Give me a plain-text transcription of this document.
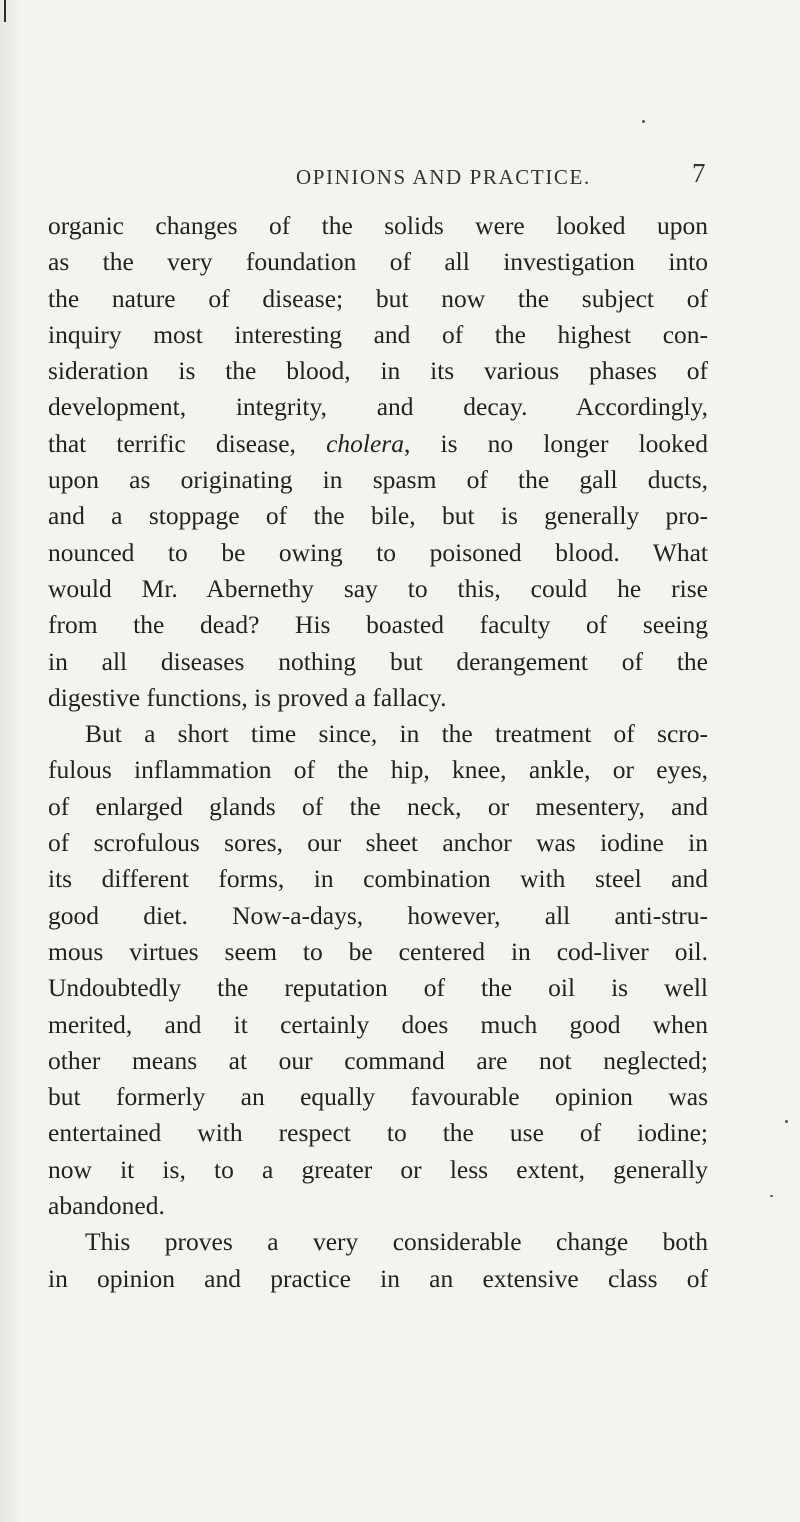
OPINIONS AND PRACTICE.	7
organic changes of the solids were looked upon
as the very foundation of all investigation into
the nature of disease; but now the subject of
inquiry most interesting and of the highest con-
sideration is the blood, in its various phases of
development, integrity, and decay. Accordingly,
that terrific disease, cholera, is no longer looked
upon as originating in spasm of the gall ducts,
and a stoppage of the bile, but is generally pro-
nounced to be owing to poisoned blood. What
would Mr. Abernethy say to this, could he rise
from the dead? His boasted faculty of seeing
in all diseases nothing but derangement of the
digestive functions, is proved a fallacy.
But a short time since, in the treatment of scro-
fulous inflammation of the hip, knee, ankle, or eyes,
of enlarged glands of the neck, or mesentery, and
of scrofulous sores, our sheet anchor was iodine in
its different forms, in combination with steel and
good diet. Now-a-days, however, all anti-stru-
mous virtues seem to be centered in cod-liver oil.
Undoubtedly the reputation of the oil is well
merited, and it certainly does much good when
other means at our command are not neglected;
but formerly an equally favourable opinion was
entertained with respect to the use of iodine;
now it is, to a greater or less extent, generally
abandoned.
This proves a very considerable change both
in opinion and practice in an extensive class of
